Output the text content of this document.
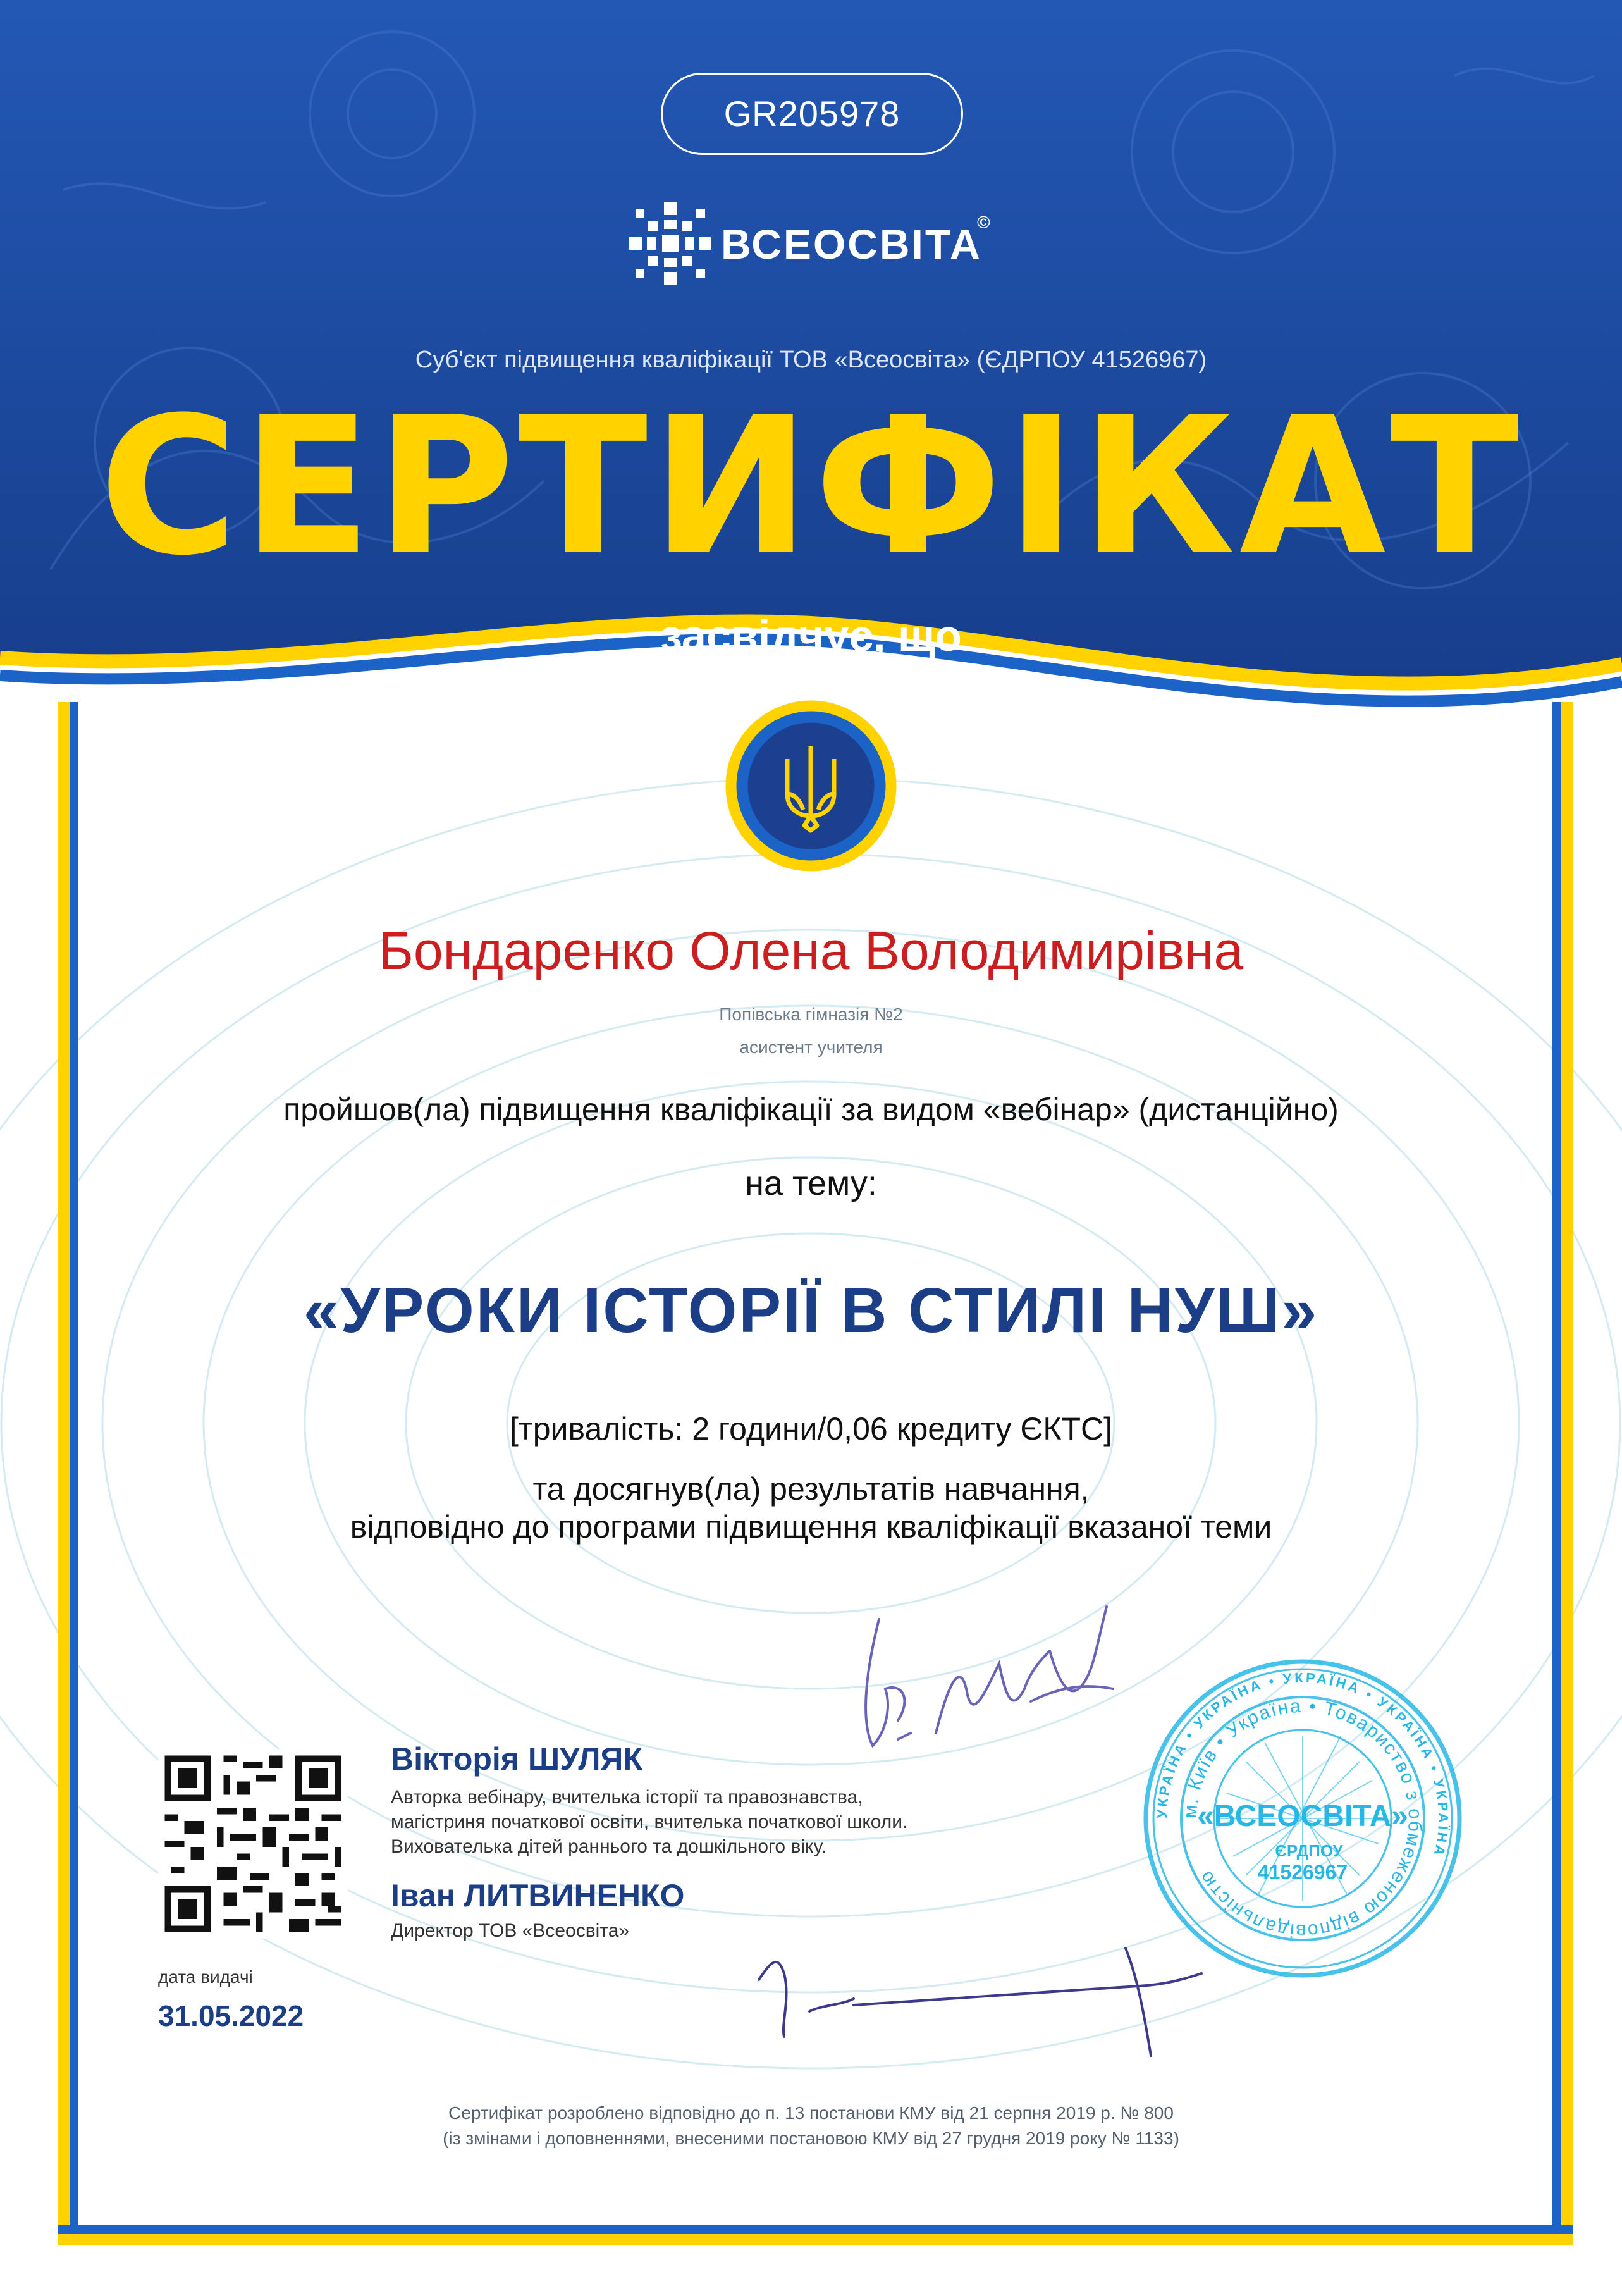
GR205978
ВСЕОСВІТА
©
Суб'єкт підвищення кваліфікації ТОВ «Всеосвіта» (ЄДРПОУ 41526967)
СЕРТИФІКАТ
засвідчує, що
Бондаренко Олена Володимирівна
Попівська гімназія №2
асистент учителя
пройшов(ла) підвищення кваліфікації за видом «вебінар» (дистанційно)
на тему:
«УРОКИ ІСТОРІЇ В СТИЛІ НУШ»
[тривалість: 2 години/0,06 кредиту ЄКТС]
та досягнув(ла) результатів навчання,
відповідно до програми підвищення кваліфікації вказаної теми
дата видачі
31.05.2022
Вікторія ШУЛЯК
Авторка вебінару, вчителька історії та правознавства,
магістриня початкової освіти, вчителька початкової школи.
Вихователька дітей раннього та дошкільного віку.
Іван ЛИТВИНЕНКО
Директор ТОВ «Всеосвіта»
УКРАЇНА • УКРАЇНА • УКРАЇНА • УКРАЇНА • УКРАЇНА
м. Київ • Україна • Товариство з обмеженою відповідальністю
«ВСЕОСВІТА»
ЄРДПОУ
41526967
Сертифікат розроблено відповідно до п. 13 постанови КМУ від 21 серпня 2019 р. № 800
(із змінами і доповненнями, внесеними постановою КМУ від 27 грудня 2019 року № 1133)
